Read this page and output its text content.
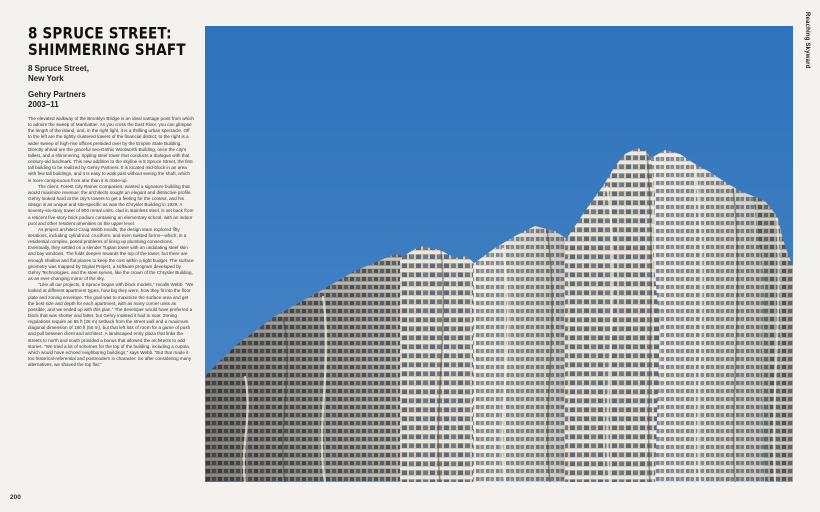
8 SPRUCE STREET:
SHIMMERING SHAFT
8 Spruce Street,
New York
Gehry Partners
2003–11

The elevated walkway of the Brooklyn Bridge is an ideal vantage point from which to admire the sweep of Manhattan. As you cross the East River, you can glimpse the length of the island, and, in the right light, it is a thrilling urban spectacle. Off to the left are the tightly clustered towers of the financial district; to the right is a wider sweep of high-rise offices presided over by the Empire State Building. Directly ahead are the graceful neo-Gothic Woolworth Building, once the city's tallest, and a shimmering, rippling steel tower that conducts a dialogue with that century-old landmark. This new addition to the skyline is 8 Spruce Street, the first tall building to be realized by Gehry Partners. It is located mid-block in an area with few tall buildings, and it is easy to walk past without seeing the shaft, which is more conspicuous from afar than it is close-up.

The client, Forest City Ratner Companies, wanted a signature building that would maximize revenue; the architects sought an elegant and distinctive profile. Gehry looked hard at the city's towers to get a feeling for the context, and his design is as unique and site-specific as was the Chrysler Building in 1929. A seventy-six-story tower of 900 rental units, clad in stainless steel, is set back from a reticent five-story brick podium containing an elementary school, with an indoor pool and other resident amenities on the upper level.

As project architect Craig Webb recalls, the design team explored fifty iterations, including cylindrical, cruciform, and even twisted forms—which, in a residential complex, posed problems of lining up plumbing connections. Eventually, they settled on a slender Tuplan tower with an undulating steel skin and bay windows. The folds deepen towards the top of the tower, but there are enough shallow and flat planes to keep the cost within a tight budget. The surface geometry was mapped by Digital Project, a software program developed by Gehry Technologies, and the steel serves, like the crown of the Chrysler Building, as an ever-changing mirror of the sky.

"Like all our projects, 8 Spruce began with block models," recalls Webb. "We looked at different apartment types, how big they were, how they fit into the floor plate and zoning envelope. The goal was to maximize the surface area and get the best size and depth for each apartment, with as many corner units as possible, and we ended up with this plan." The developer would have preferred a block that was shorter and fatter, but Gehry insisted it had to soar. Zoning regulations require an 85 ft (26 m) setback from the street wall and a maximum diagonal dimension of 180 ft (55 m), but that left lots of room for a game of push and pull between client and architect. A landscaped entry plaza that links the streets to north and south provided a bonus that allowed the architects to add stories. "We tried a lot of schemes for the top of the building, including a cupola, which would have echoed neighboring buildings," says Webb. "But that made it too historical-referential and postmodern in character. So after considering many alternatives, we shaved the top flat."

200
Reaching Skyward
